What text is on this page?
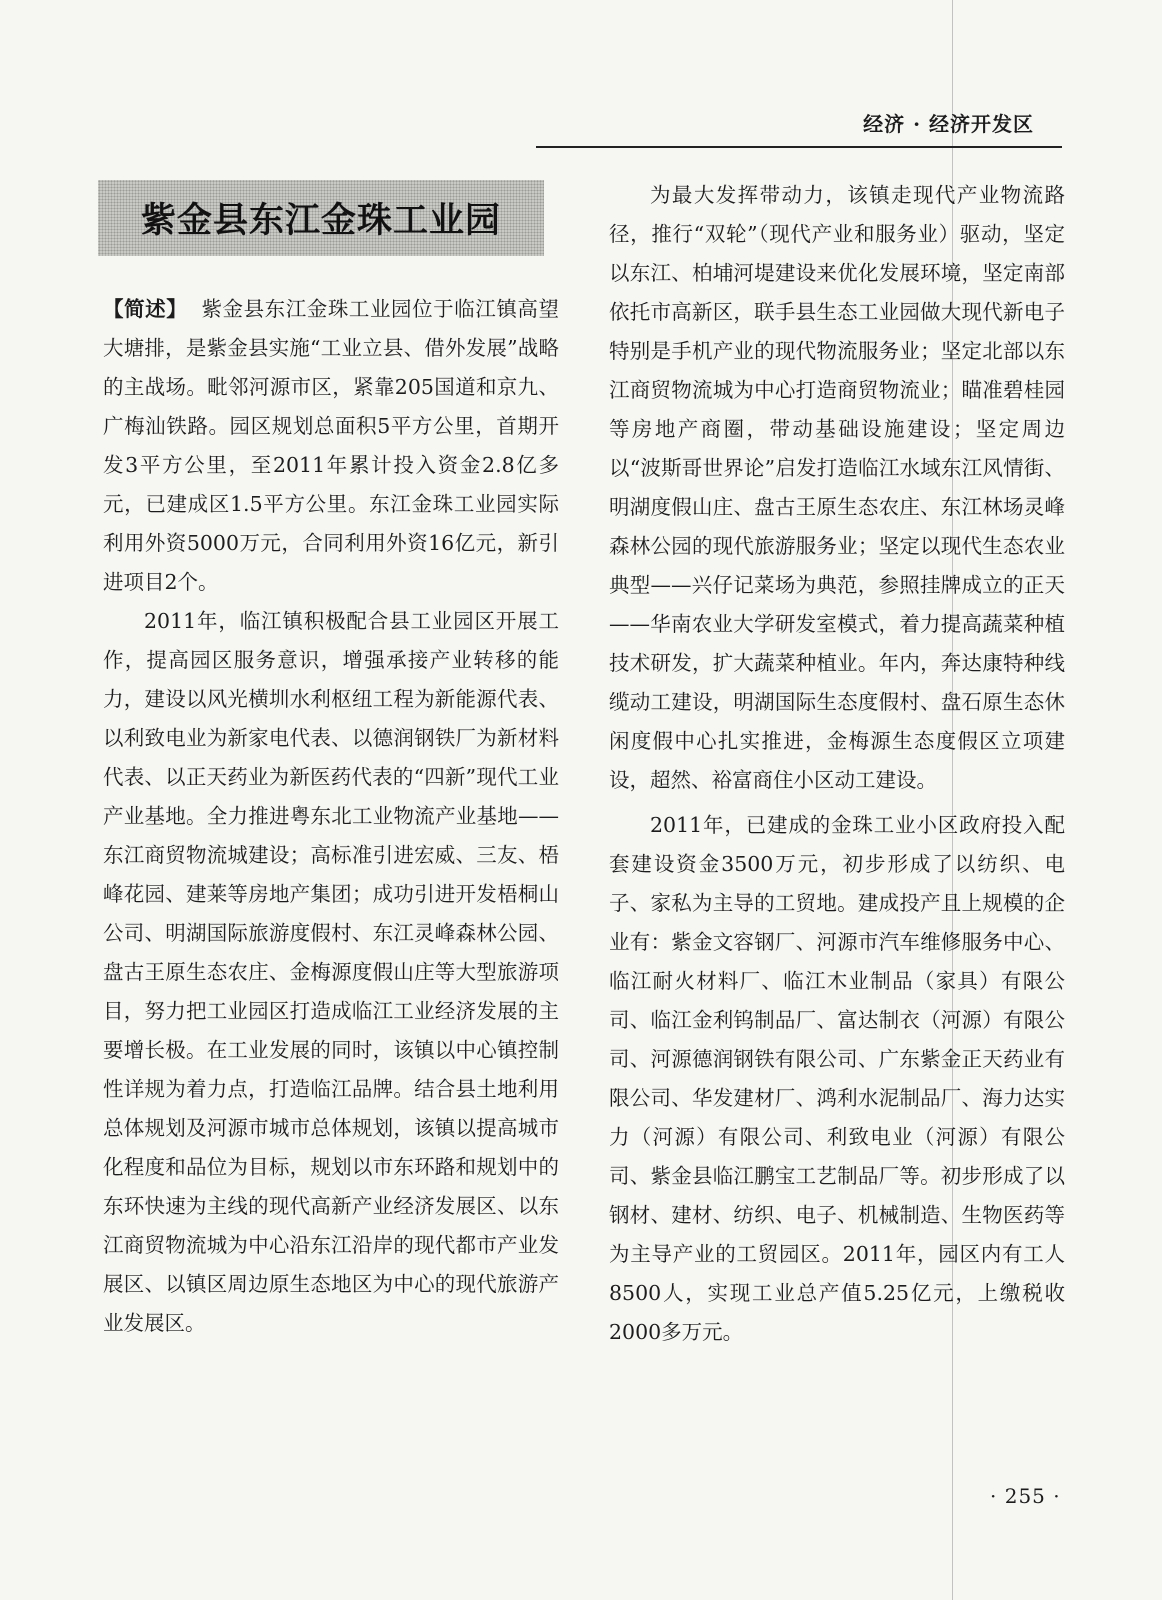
经济 · 经济开发区
紫金县东江金珠工业园

【简述】 紫金县东江金珠工业园位于临江镇高望大塘排，是紫金县实施“工业立县、借外发展”战略的主战场。毗邻河源市区，紧靠205国道和京九、广梅汕铁路。园区规划总面积5平方公里，首期开发3平方公里，至2011年累计投入资金2.8亿多元，已建成区1.5平方公里。东江金珠工业园实际利用外资5000万元，合同利用外资16亿元，新引进项目2个。

2011年，临江镇积极配合县工业园区开展工作，提高园区服务意识，增强承接产业转移的能力，建设以风光横圳水利枢纽工程为新能源代表、以利致电业为新家电代表、以德润钢铁厂为新材料代表、以正天药业为新医药代表的“四新”现代工业产业基地。全力推进粤东北工业物流产业基地——东江商贸物流城建设；高标准引进宏威、三友、梧峰花园、建莱等房地产集团；成功引进开发梧桐山公司、明湖国际旅游度假村、东江灵峰森林公园、盘古王原生态农庄、金梅源度假山庄等大型旅游项目，努力把工业园区打造成临江工业经济发展的主要增长极。在工业发展的同时，该镇以中心镇控制性详规为着力点，打造临江品牌。结合县土地利用总体规划及河源市城市总体规划，该镇以提高城市化程度和品位为目标，规划以市东环路和规划中的东环快速为主线的现代高新产业经济发展区、以东江商贸物流城为中心沿东江沿岸的现代都市产业发展区、以镇区周边原生态地区为中心的现代旅游产业发展区。

为最大发挥带动力，该镇走现代产业物流路径，推行“双轮”（现代产业和服务业）驱动，坚定以东江、柏埔河堤建设来优化发展环境，坚定南部依托市高新区，联手县生态工业园做大现代新电子特别是手机产业的现代物流服务业；坚定北部以东江商贸物流城为中心打造商贸物流业；瞄准碧桂园等房地产商圈，带动基础设施建设；坚定周边以“波斯哥世界论”启发打造临江水域东江风情街、明湖度假山庄、盘古王原生态农庄、东江林场灵峰森林公园的现代旅游服务业；坚定以现代生态农业典型——兴仔记菜场为典范，参照挂牌成立的正天——华南农业大学研发室模式，着力提高蔬菜种植技术研发，扩大蔬菜种植业。年内，奔达康特种线缆动工建设，明湖国际生态度假村、盘石原生态休闲度假中心扎实推进，金梅源生态度假区立项建设，超然、裕富商住小区动工建设。

2011年，已建成的金珠工业小区政府投入配套建设资金3500万元，初步形成了以纺织、电子、家私为主导的工贸地。建成投产且上规模的企业有：紫金文容钢厂、河源市汽车维修服务中心、临江耐火材料厂、临江木业制品（家具）有限公司、临江金利钨制品厂、富达制衣（河源）有限公司、河源德润钢铁有限公司、广东紫金正天药业有限公司、华发建材厂、鸿利水泥制品厂、海力达实力（河源）有限公司、利致电业（河源）有限公司、紫金县临江鹏宝工艺制品厂等。初步形成了以钢材、建材、纺织、电子、机械制造、生物医药等为主导产业的工贸园区。2011年，园区内有工人8500人，实现工业总产值5.25亿元，上缴税收2000多万元。

· 255 ·
